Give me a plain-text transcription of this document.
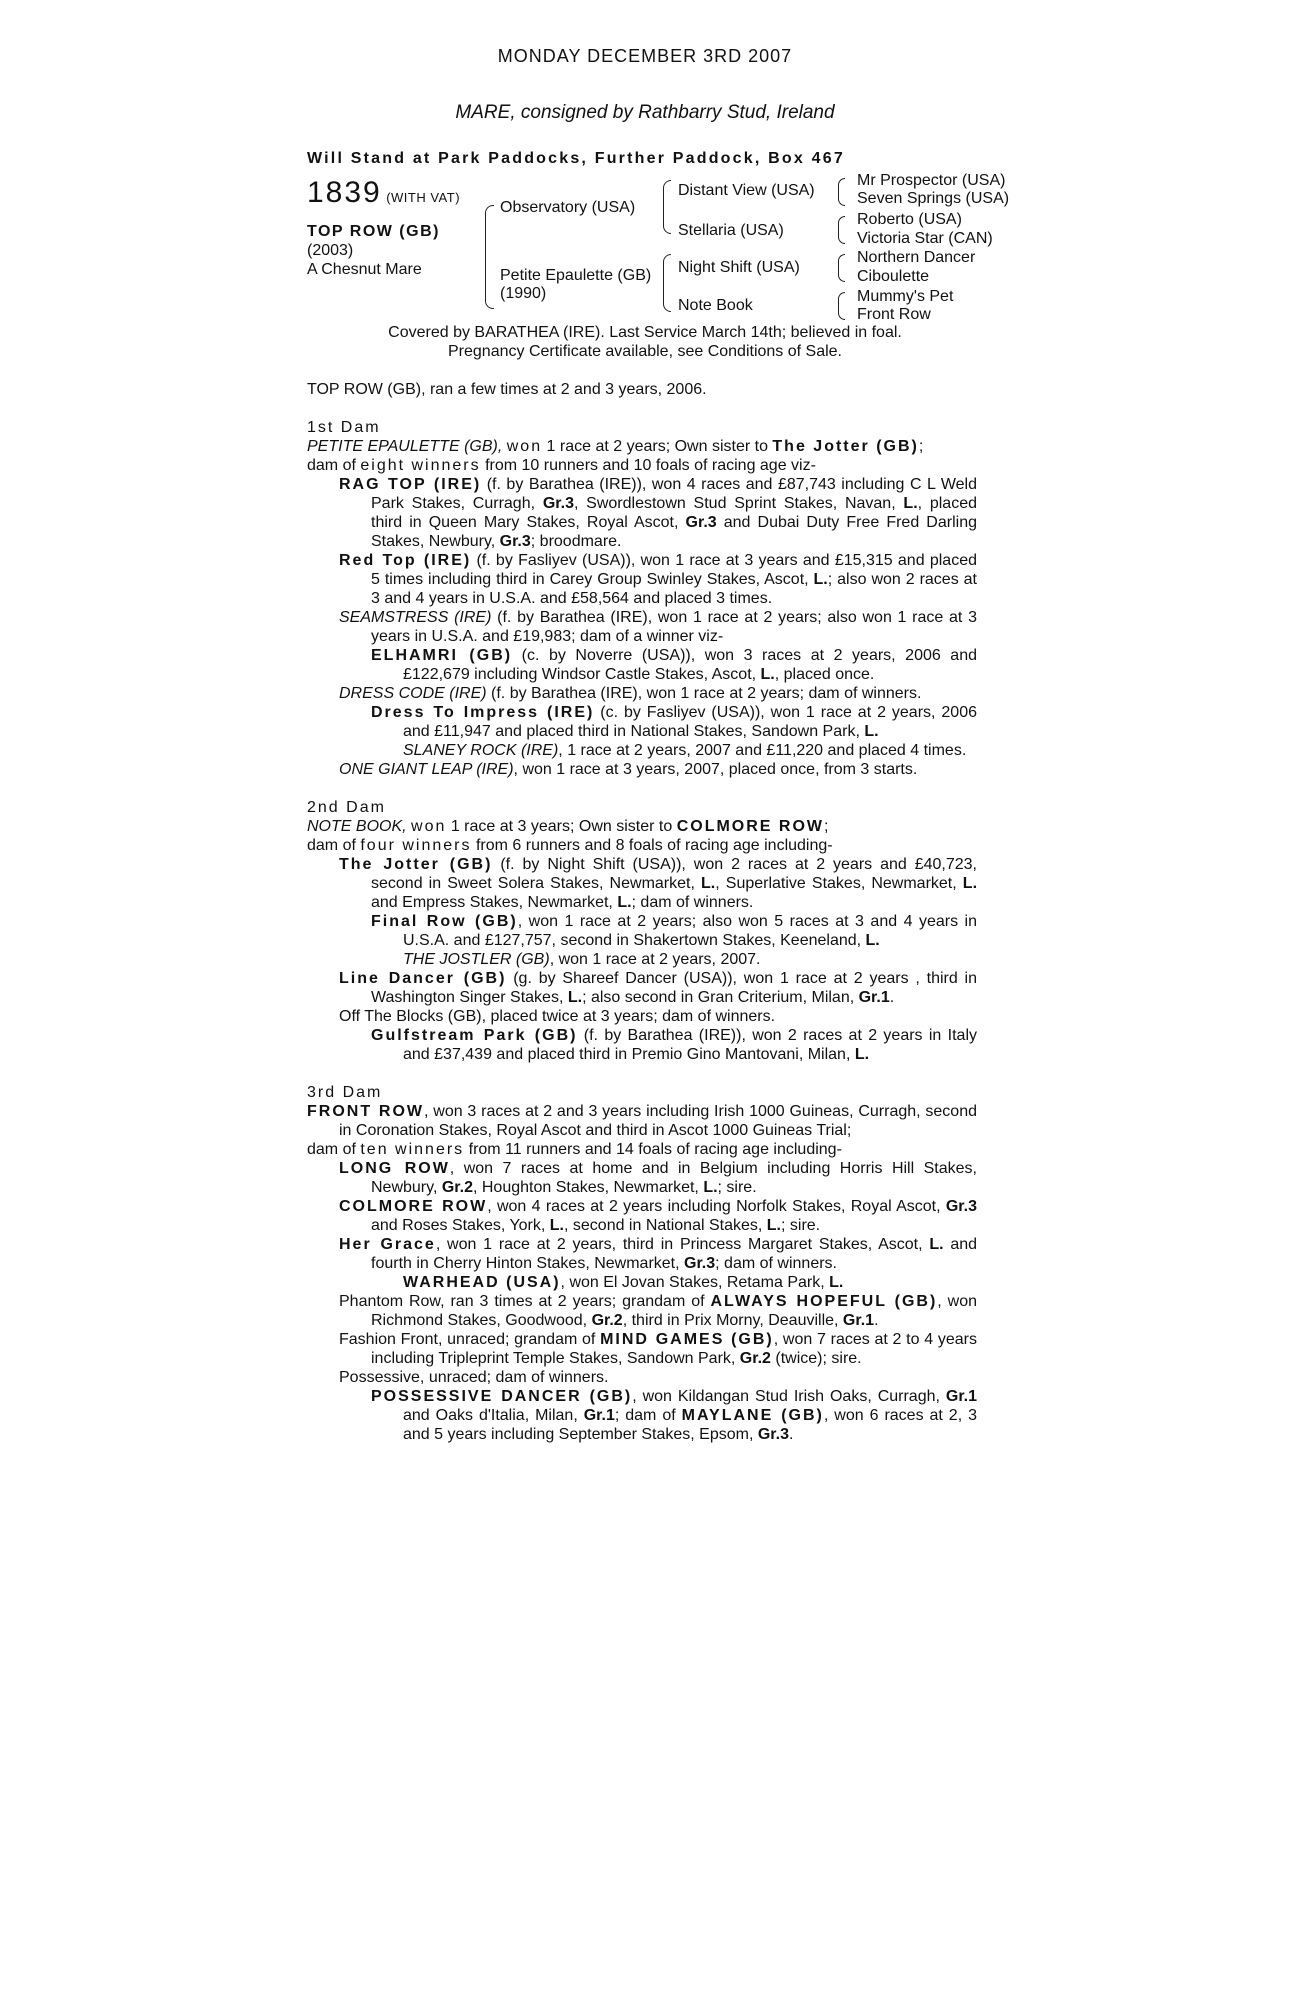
MONDAY DECEMBER 3RD 2007
MARE, consigned by Rathbarry Stud, Ireland
Will Stand at Park Paddocks, Further Paddock, Box 467
1839 (WITH VAT)
TOP ROW (GB)
(2003)
A Chesnut Mare
Observatory (USA)
Petite Epaulette (GB)
(1990)
Distant View (USA)
Stellaria (USA)
Night Shift (USA)
Note Book
Mr Prospector (USA)
Seven Springs (USA)
Roberto (USA)
Victoria Star (CAN)
Northern Dancer
Ciboulette
Mummy's Pet
Front Row
Covered by BARATHEA (IRE). Last Service March 14th; believed in foal.
Pregnancy Certificate available, see Conditions of Sale.

TOP ROW (GB), ran a few times at 2 and 3 years, 2006.

1st Dam

PETITE EPAULETTE (GB), won 1 race at 2 years; Own sister to The Jotter (GB);

dam of eight winners from 10 runners and 10 foals of racing age viz-

RAG TOP (IRE) (f. by Barathea (IRE)), won 4 races and £87,743 including C L Weld Park Stakes, Curragh, Gr.3, Swordlestown Stud Sprint Stakes, Navan, L., placed third in Queen Mary Stakes, Royal Ascot, Gr.3 and Dubai Duty Free Fred Darling Stakes, Newbury, Gr.3; broodmare.

Red Top (IRE) (f. by Fasliyev (USA)), won 1 race at 3 years and £15,315 and placed 5 times including third in Carey Group Swinley Stakes, Ascot, L.; also won 2 races at 3 and 4 years in U.S.A. and £58,564 and placed 3 times.

SEAMSTRESS (IRE) (f. by Barathea (IRE), won 1 race at 2 years; also won 1 race at 3 years in U.S.A. and £19,983; dam of a winner viz-

ELHAMRI (GB) (c. by Noverre (USA)), won 3 races at 2 years, 2006 and £122,679 including Windsor Castle Stakes, Ascot, L., placed once.

DRESS CODE (IRE) (f. by Barathea (IRE), won 1 race at 2 years; dam of winners.

Dress To Impress (IRE) (c. by Fasliyev (USA)), won 1 race at 2 years, 2006 and £11,947 and placed third in National Stakes, Sandown Park, L.

SLANEY ROCK (IRE), 1 race at 2 years, 2007 and £11,220 and placed 4 times.

ONE GIANT LEAP (IRE), won 1 race at 3 years, 2007, placed once, from 3 starts.

2nd Dam

NOTE BOOK, won 1 race at 3 years; Own sister to COLMORE ROW;

dam of four winners from 6 runners and 8 foals of racing age including-

The Jotter (GB) (f. by Night Shift (USA)), won 2 races at 2 years and £40,723, second in Sweet Solera Stakes, Newmarket, L., Superlative Stakes, Newmarket, L. and Empress Stakes, Newmarket, L.; dam of winners.

Final Row (GB), won 1 race at 2 years; also won 5 races at 3 and 4 years in U.S.A. and £127,757, second in Shakertown Stakes, Keeneland, L.

THE JOSTLER (GB), won 1 race at 2 years, 2007.

Line Dancer (GB) (g. by Shareef Dancer (USA)), won 1 race at 2 years , third in Washington Singer Stakes, L.; also second in Gran Criterium, Milan, Gr.1.

Off The Blocks (GB), placed twice at 3 years; dam of winners.

Gulfstream Park (GB) (f. by Barathea (IRE)), won 2 races at 2 years in Italy and £37,439 and placed third in Premio Gino Mantovani, Milan, L.

3rd Dam

FRONT ROW, won 3 races at 2 and 3 years including Irish 1000 Guineas, Curragh, second in Coronation Stakes, Royal Ascot and third in Ascot 1000 Guineas Trial;

dam of ten winners from 11 runners and 14 foals of racing age including-

LONG ROW, won 7 races at home and in Belgium including Horris Hill Stakes, Newbury, Gr.2, Houghton Stakes, Newmarket, L.; sire.

COLMORE ROW, won 4 races at 2 years including Norfolk Stakes, Royal Ascot, Gr.3 and Roses Stakes, York, L., second in National Stakes, L.; sire.

Her Grace, won 1 race at 2 years, third in Princess Margaret Stakes, Ascot, L. and fourth in Cherry Hinton Stakes, Newmarket, Gr.3; dam of winners.

WARHEAD (USA), won El Jovan Stakes, Retama Park, L.

Phantom Row, ran 3 times at 2 years; grandam of ALWAYS HOPEFUL (GB), won Richmond Stakes, Goodwood, Gr.2, third in Prix Morny, Deauville, Gr.1.

Fashion Front, unraced; grandam of MIND GAMES (GB), won 7 races at 2 to 4 years including Tripleprint Temple Stakes, Sandown Park, Gr.2 (twice); sire.

Possessive, unraced; dam of winners.

POSSESSIVE DANCER (GB), won Kildangan Stud Irish Oaks, Curragh, Gr.1 and Oaks d'Italia, Milan, Gr.1; dam of MAYLANE (GB), won 6 races at 2, 3 and 5 years including September Stakes, Epsom, Gr.3.
